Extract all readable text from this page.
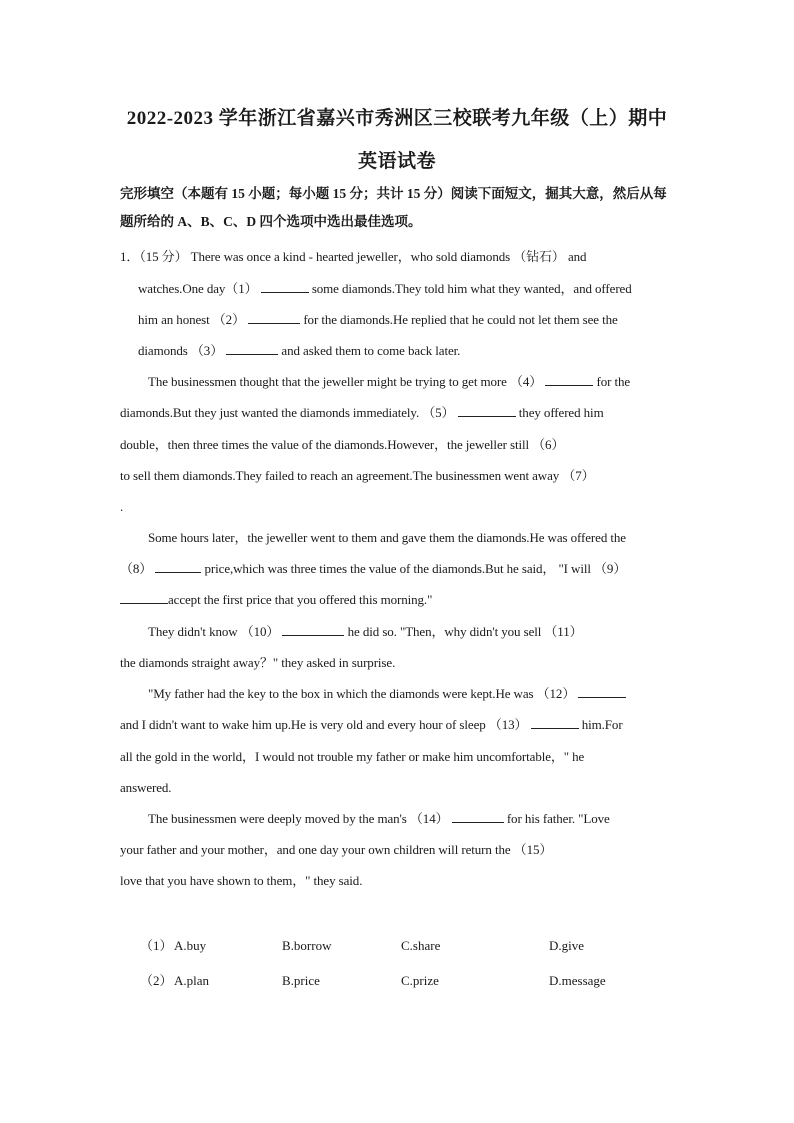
2022-2023 学年浙江省嘉兴市秀洲区三校联考九年级（上）期中
英语试卷
完形填空（本题有 15 小题；每小题 15 分；共计 15 分）阅读下面短文，掘其大意，然后从每题所给的 A、B、C、D 四个选项中选出最佳选项。
1．（15 分） There was once a kind - hearted jeweller，who sold diamonds （钻石） and
watches.One day（1）	some diamonds.They told him what they wanted，and offered
him an honest （2）	for the diamonds.He replied that he could not let them see the
diamonds （3）	and asked them to come back later.
The businessmen thought that the jeweller might be trying to get more （4）	for the
diamonds.But they just wanted the diamonds immediately. （5）	they offered him
double，then three times the value of the diamonds.However，the jeweller still （6）
to sell them diamonds.They failed to reach an agreement.The businessmen went away （7）
.
Some hours later，the jeweller went to them and gave them the diamonds.He was offered the
（8）	price,which was three times the value of the diamonds.But he said， "I will （9）
accept the first price that you offered this morning."
They didn't know （10）	he did so. "Then，why didn't you sell （11）
the diamonds straight away？" they asked in surprise.
"My father had the key to the box in which the diamonds were kept.He was （12）
and I didn't want to wake him up.He is very old and every hour of sleep （13）	him.For
all the gold in the world，I would not trouble my father or make him uncomfortable，" he
answered.
The businessmen were deeply moved by the man's （14）	for his father. "Love
your father and your mother，and one day your own children will return the （15）
love that you have shown to them，" they said.
（1） A.buy	B.borrow	C.share	D.give
（2） A.plan	B.price	C.prize	D.message
